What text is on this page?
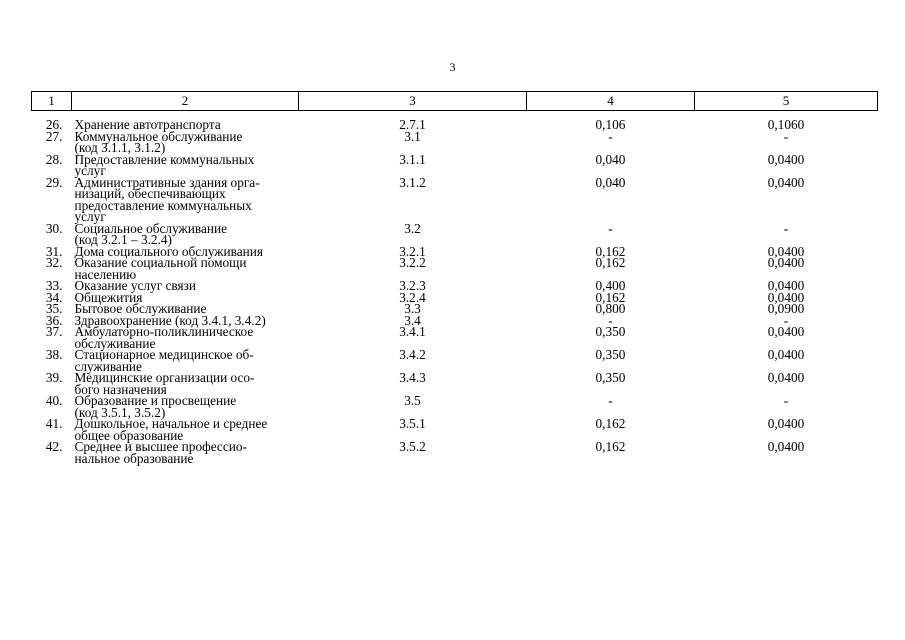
3
1	2	3	4	5
26.	Хранение автотранспорта	2.7.1	0,106	0,1060
27.	Коммунальное обслуживание
(код 3.1.1, 3.1.2)	3.1	-	-
28.	Предоставление коммунальных
услуг	3.1.1	0,040	0,0400
29.	Административные здания орга-
низаций, обеспечивающих
предоставление коммунальных
услуг	3.1.2	0,040	0,0400
30.	Социальное обслуживание
(код 3.2.1 – 3.2.4)	3.2	-	-
31.	Дома социального обслуживания	3.2.1	0,162	0,0400
32.	Оказание социальной помощи
населению	3.2.2	0,162	0,0400
33.	Оказание услуг связи	3.2.3	0,400	0,0400
34.	Общежития	3.2.4	0,162	0,0400
35.	Бытовое обслуживание	3.3	0,800	0,0900
36.	Здравоохранение (код 3.4.1, 3.4.2)	3.4	-	-
37.	Амбулаторно-поликлиническое
обслуживание	3.4.1	0,350	0,0400
38.	Стационарное медицинское об-
служивание	3.4.2	0,350	0,0400
39.	Медицинские организации осо-
бого назначения	3.4.3	0,350	0,0400
40.	Образование и просвещение
(код 3.5.1, 3.5.2)	3.5	-	-
41.	Дошкольное, начальное и среднее
общее образование	3.5.1	0,162	0,0400
42.	Среднее и высшее профессио-
нальное образование	3.5.2	0,162	0,0400
